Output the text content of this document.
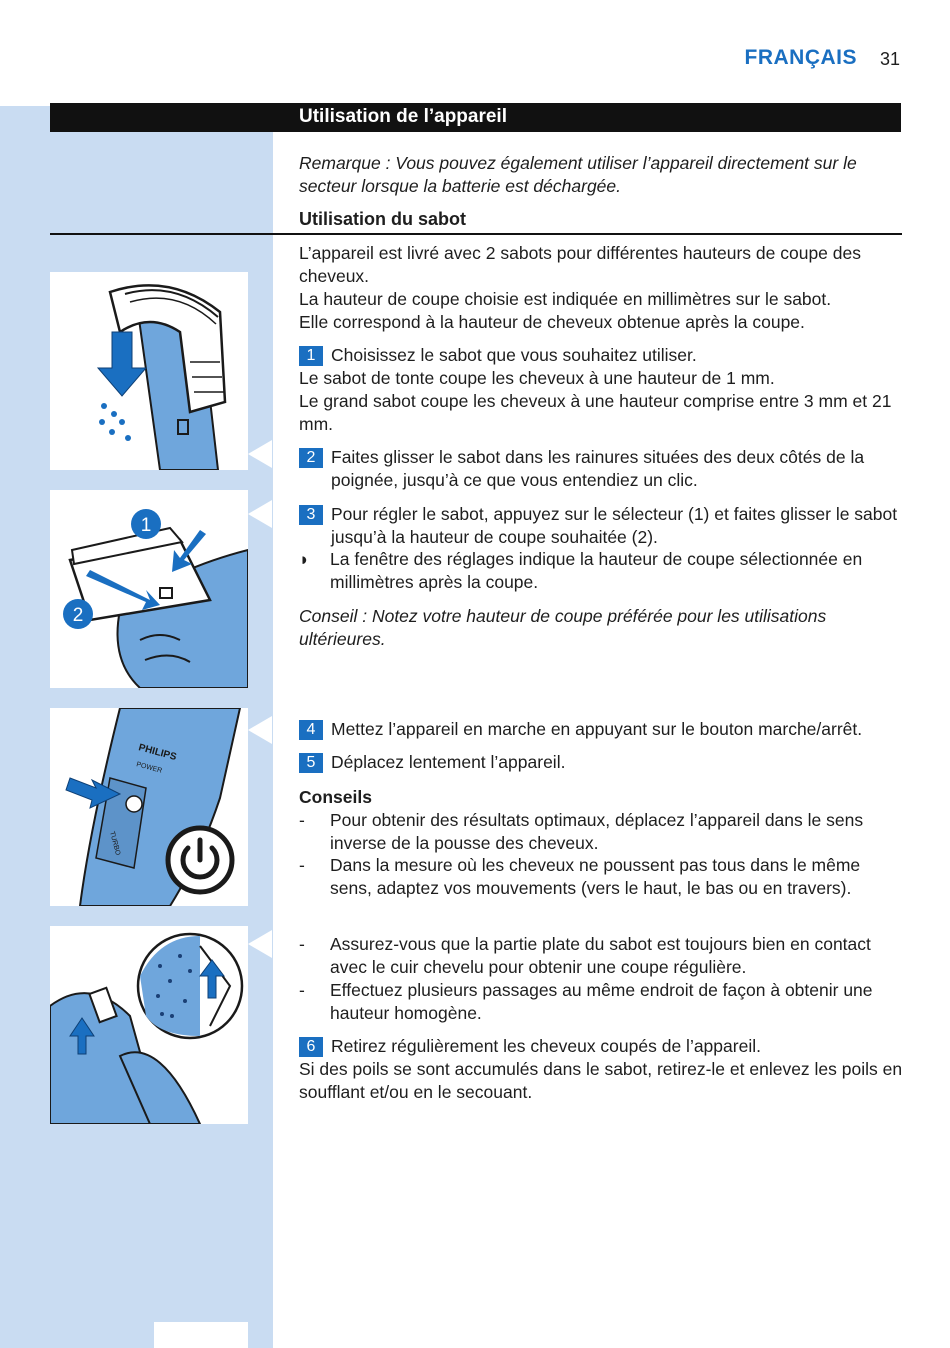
FRANÇAIS 31
Utilisation de l’appareil
1
2
PHILIPS
POWER
TURBO
Remarque : Vous pouvez également utiliser l’appareil directement sur le secteur lorsque la batterie est déchargée.
Utilisation du sabot
L’appareil est livré avec 2 sabots pour différentes hauteurs de coupe des cheveux.
La hauteur de coupe choisie est indiquée en millimètres sur le sabot.
Elle correspond à la hauteur de cheveux obtenue après la coupe.
1 Choisissez le sabot que vous souhaitez utiliser.
Le sabot de tonte coupe les cheveux à une hauteur de 1 mm.
Le grand sabot coupe les cheveux à une hauteur comprise entre 3 mm et 21 mm.
2 Faites glisser le sabot dans les rainures situées des deux côtés de la poignée, jusqu’à ce que vous entendiez un clic.
3 Pour régler le sabot, appuyez sur le sélecteur (1) et faites glisser le sabot jusqu’à la hauteur de coupe souhaitée (2).
◗ La fenêtre des réglages indique la hauteur de coupe sélectionnée en millimètres après la coupe.
Conseil : Notez votre hauteur de coupe préférée pour les utilisations ultérieures.
4 Mettez l’appareil en marche en appuyant sur le bouton marche/arrêt.
5 Déplacez lentement l’appareil.
Conseils
- Pour obtenir des résultats optimaux, déplacez l’appareil dans le sens inverse de la pousse des cheveux.
- Dans la mesure où les cheveux ne poussent pas tous dans le même sens, adaptez vos mouvements (vers le haut, le bas ou en travers).
- Assurez-vous que la partie plate du sabot est toujours bien en contact avec le cuir chevelu pour obtenir une coupe régulière.
- Effectuez plusieurs passages au même endroit de façon à obtenir une hauteur homogène.
6 Retirez régulièrement les cheveux coupés de l’appareil.
Si des poils se sont accumulés dans le sabot, retirez-le et enlevez les poils en soufflant et/ou en le secouant.
